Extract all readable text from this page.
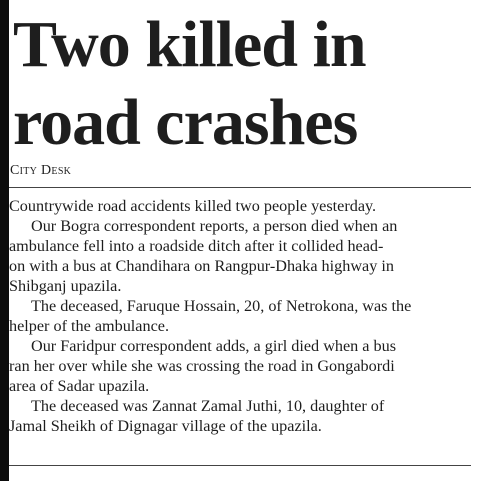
Two killed in
road crashes
City Desk
Countrywide road accidents killed two people yesterday.
Our Bogra correspondent reports, a person died when an
ambulance fell into a roadside ditch after it collided head-
on with a bus at Chandihara on Rangpur-Dhaka highway in
Shibganj upazila.
The deceased, Faruque Hossain, 20, of Netrokona, was the
helper of the ambulance.
Our Faridpur correspondent adds, a girl died when a bus
ran her over while she was crossing the road in Gongabordi
area of Sadar upazila.
The deceased was Zannat Zamal Juthi, 10, daughter of
Jamal Sheikh of Dignagar village of the upazila.
